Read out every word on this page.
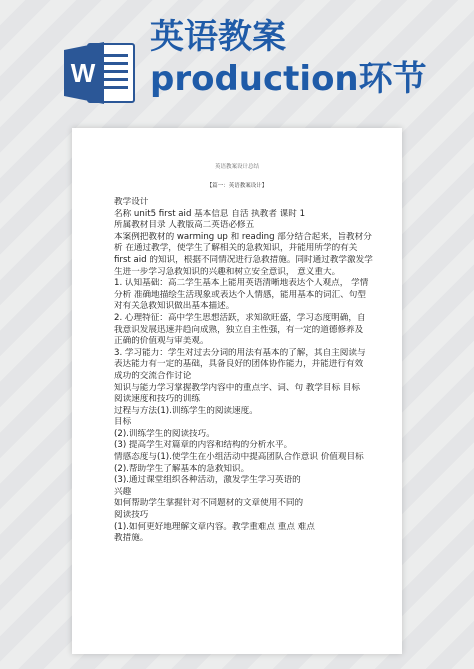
W
英语教案production环节
英语教案设计总结
【篇一：英语教案设计】
教学设计
名称 unit5 first aid 基本信息 自活 执教者 课时 1
所属教材目录 人教版高二英语必修五
本案例把教材的 warming up 和 reading 部分结合起来，旨教材分
析 在通过教学，使学生了解相关的急救知识，并能用所学的有关
first aid 的知识，根据不同情况进行急救措施。同时通过教学激发学
生进一步学习急救知识的兴趣和树立安全意识， 意义重大。
1. 认知基础：高二学生基本上能用英语清晰地表达个人观点， 学情
分析 准确地描绘生活现象或表达个人情感，能用基本的词汇、句型
对有关急救知识做出基本描述。
2. 心理特征：高中学生思想活跃，求知欲旺盛，学习态度明确，自
我意识发展迅速并趋向成熟，独立自主性强，有一定的道德修养及
正确的价值观与审美观。
3. 学习能力：学生对过去分词的用法有基本的了解，其自主阅读与
表达能力有一定的基础，具备良好的团体协作能力，并能进行有效
成功的交流合作讨论
知识与能力学习掌握教学内容中的重点字、词、句 教学目标 目标
阅读速度和技巧的训练
过程与方法(1).训练学生的阅读速度。
目标
(2).训练学生的阅读技巧。
(3) 提高学生对篇章的内容和结构的分析水平。
情感态度与(1).使学生在小组活动中提高团队合作意识 价值观目标
(2).帮助学生了解基本的急救知识。
(3).通过课堂组织各种活动，激发学生学习英语的
兴趣
如何帮助学生掌握针对不同题材的文章使用不同的
阅读技巧
(1).如何更好地理解文章内容。教学重难点 重点 难点
教措施。
